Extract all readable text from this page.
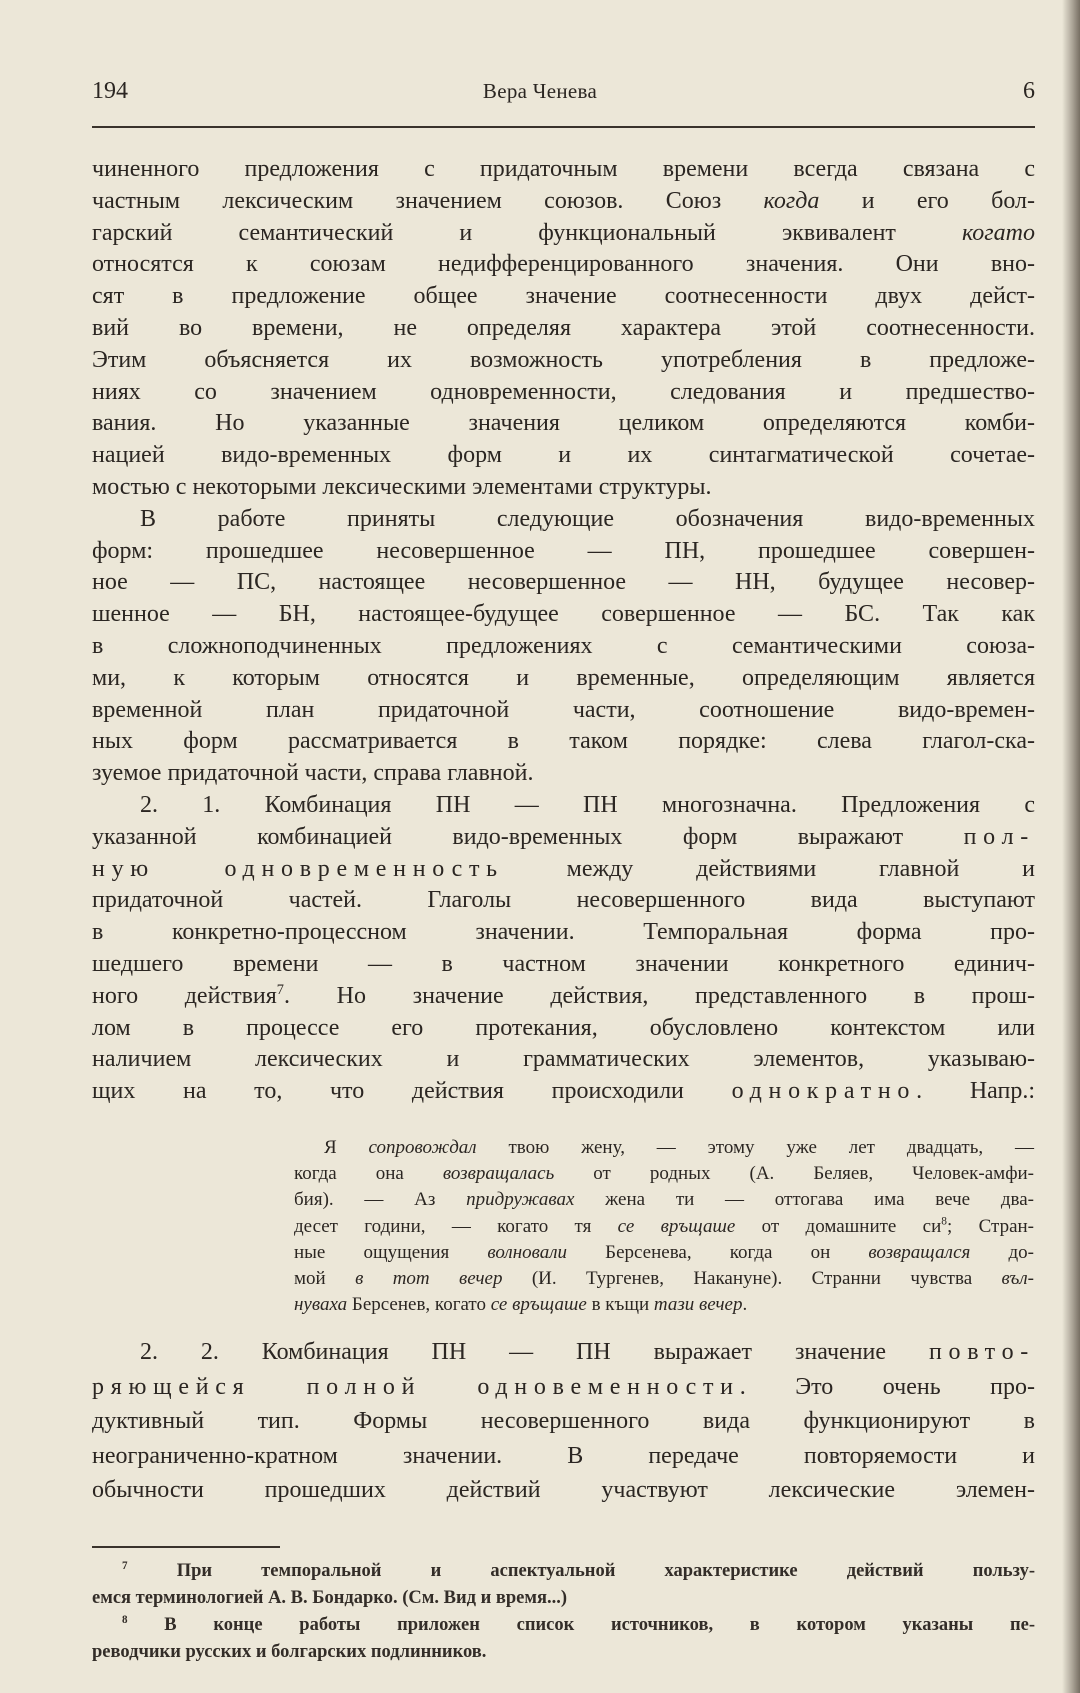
194	Вера Ченева	6
чиненного предложения с придаточным времени всегда связана с
частным лексическим значением союзов. Союз когда и его бол-
гарский семантический и функциональный эквивалент когато
относятся к союзам недифференцированного значения. Они вно-
сят в предложение общее значение соотнесенности двух дейст-
вий во времени, не определяя характера этой соотнесенности.
Этим объясняется их возможность употребления в предложе-
ниях со значением одновременности, следования и предшество-
вания. Но указанные значения целиком определяются комби-
нацией видо-временных форм и их синтагматической сочетае-
мостью с некоторыми лексическими элементами структуры.
В работе приняты следующие обозначения видо-временных
форм: прошедшее несовершенное — ПН, прошедшее совершен-
ное — ПС, настоящее несовершенное — НН, будущее несовер-
шенное — БН, настоящее-будущее совершенное — БС. Так как
в сложноподчиненных предложениях с семантическими союза-
ми, к которым относятся и временные, определяющим является
временной план придаточной части, соотношение видо-времен-
ных форм рассматривается в таком порядке: слева глагол-ска-
зуемое придаточной части, справа главной.
2. 1. Комбинация ПН — ПН многозначна. Предложения с
указанной комбинацией видо-временных форм выражают пол-
ную одновременность между действиями главной и
придаточной частей. Глаголы несовершенного вида выступают
в конкретно-процессном значении. Темпоральная форма про-
шедшего времени — в частном значении конкретного единич-
ного действия$^7$. Но значение действия, представленного в прош-
лом в процессе его протекания, обусловлено контекстом или
наличием лексических и грамматических элементов, указываю-
щих на то, что действия происходили однократно. Напр.:
Я сопровождал твою жену, — этому уже лет двадцать, —
когда она возвращалась от родных (А. Беляев, Человек-амфи-
бия). — Аз придружавах жена ти — оттогава има вече два-
десет години, — когато тя се връщаше от домашните $си^8$; Стран-
ные ощущения волновали Берсенева, когда он возвращался до-
мой в тот вечер (И. Тургенев, Накануне). Странни чувства въл-
нуваха Берсенев, когато се връщаше в къщи тази вечер.
2. 2. Комбинация ПН — ПН выражает значение повто-
ряющейся полной одновеменности. Это очень про-
дуктивный тип. Формы несовершенного вида функционируют в
неограниченно-кратном значении. В передаче повторяемости и
обычности прошедших действий участвуют лексические элемен-
$^7$ При темпоральной и аспектуальной характеристике действий пользу-
емся терминологией А. В. Бондарко. (См. Вид и время...)
$^8$ В конце работы приложен список источников, в котором указаны пе-
реводчики русских и болгарских подлинников.
